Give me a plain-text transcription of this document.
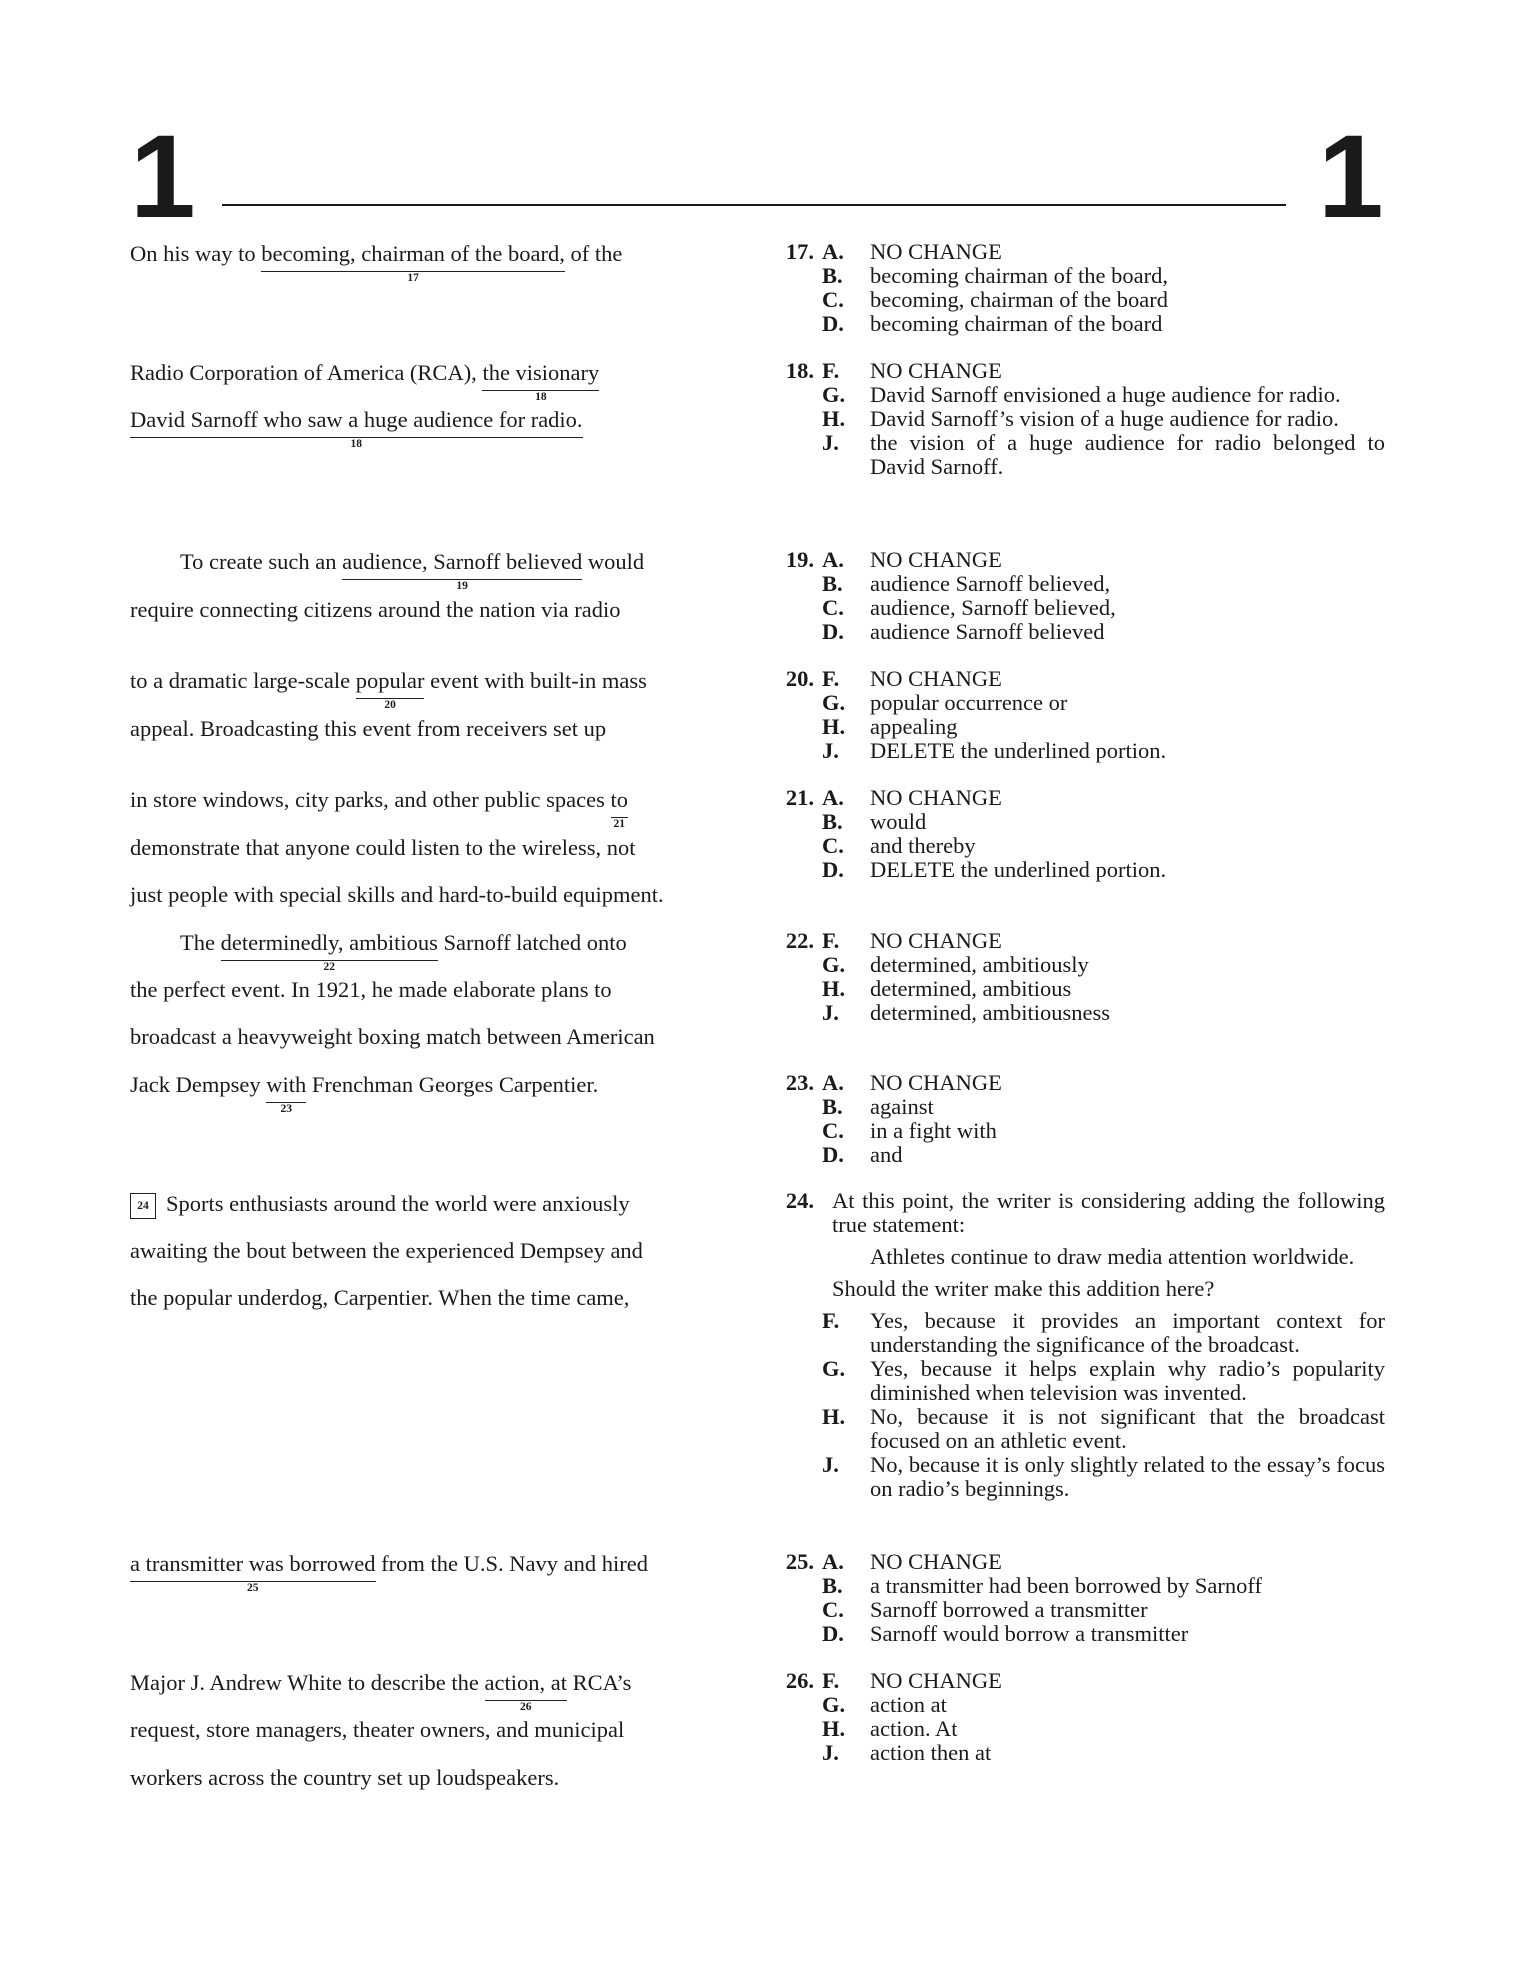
1	1
On his way to becoming, chairman of the board,
17
of the
Radio Corporation of America (RCA), the visionary
18
David Sarnoff who saw a huge audience for radio.
18
To create such an audience, Sarnoff believed
19
would
require connecting citizens around the nation via radio
to a dramatic large-scale popular
20
event with built-in mass
appeal. Broadcasting this event from receivers set up
in store windows, city parks, and other public spaces to
21
demonstrate that anyone could listen to the wireless, not
just people with special skills and hard-to-build equipment.
The determinedly, ambitious
22
Sarnoff latched onto
the perfect event. In 1921, he made elaborate plans to
broadcast a heavyweight boxing match between American
Jack Dempsey with
23
Frenchman Georges Carpentier.
24 Sports enthusiasts around the world were anxiously
awaiting the bout between the experienced Dempsey and
the popular underdog, Carpentier. When the time came,
a transmitter was borrowed
25
from the U.S. Navy and hired
Major J. Andrew White to describe the action, at
26
RCA’s
request, store managers, theater owners, and municipal
workers across the country set up loudspeakers.
17. A.	NO CHANGE
B.	becoming chairman of the board,
C.	becoming, chairman of the board
D.	becoming chairman of the board
18. F.	NO CHANGE
G.	David Sarnoff envisioned a huge audience for radio.
H.	David Sarnoff’s vision of a huge audience for radio.
J.	the vision of a huge audience for radio belonged to David Sarnoff.
19. A.	NO CHANGE
B.	audience Sarnoff believed,
C.	audience, Sarnoff believed,
D.	audience Sarnoff believed
20. F.	NO CHANGE
G.	popular occurrence or
H.	appealing
J.	DELETE the underlined portion.
21. A.	NO CHANGE
B.	would
C.	and thereby
D.	DELETE the underlined portion.
22. F.	NO CHANGE
G.	determined, ambitiously
H.	determined, ambitious
J.	determined, ambitiousness
23. A.	NO CHANGE
B.	against
C.	in a fight with
D.	and
24. At this point, the writer is considering adding the following true statement:
Athletes continue to draw media attention worldwide.
Should the writer make this addition here?
F.	Yes, because it provides an important context for understanding the significance of the broadcast.
G.	Yes, because it helps explain why radio’s popularity diminished when television was invented.
H.	No, because it is not significant that the broadcast focused on an athletic event.
J.	No, because it is only slightly related to the essay’s focus on radio’s beginnings.
25. A.	NO CHANGE
B.	a transmitter had been borrowed by Sarnoff
C.	Sarnoff borrowed a transmitter
D.	Sarnoff would borrow a transmitter
26. F.	NO CHANGE
G.	action at
H.	action. At
J.	action then at
